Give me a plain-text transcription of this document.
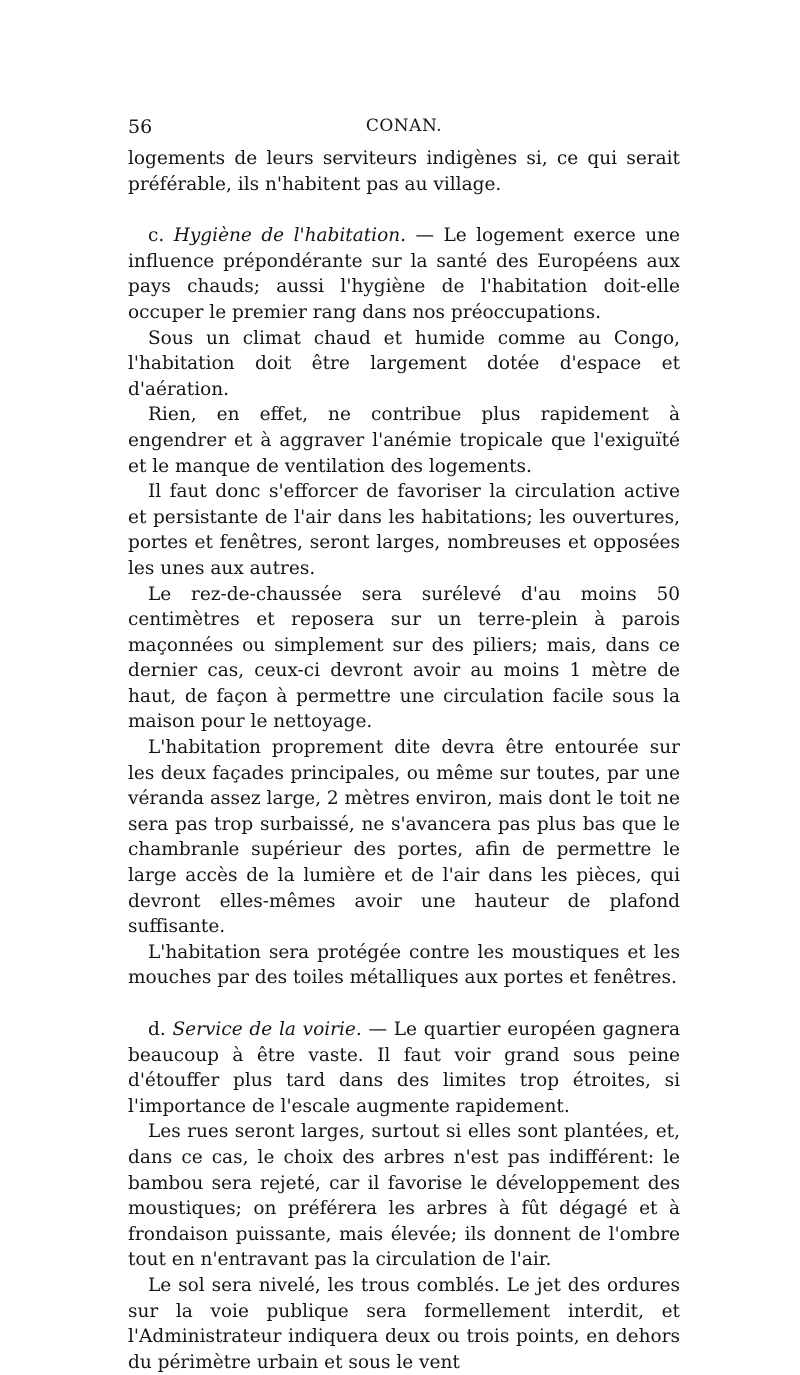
56	CONAN.

logements de leurs serviteurs indigènes si, ce qui serait préférable, ils n'habitent pas au village.

c. Hygiène de l'habitation. — Le logement exerce une influence prépondérante sur la santé des Européens aux pays chauds; aussi l'hygiène de l'habitation doit-elle occuper le premier rang dans nos préoccupations.

Sous un climat chaud et humide comme au Congo, l'habitation doit être largement dotée d'espace et d'aération.

Rien, en effet, ne contribue plus rapidement à engendrer et à aggraver l'anémie tropicale que l'exiguïté et le manque de ventilation des logements.

Il faut donc s'efforcer de favoriser la circulation active et persistante de l'air dans les habitations; les ouvertures, portes et fenêtres, seront larges, nombreuses et opposées les unes aux autres.

Le rez-de-chaussée sera surélevé d'au moins 50 centimètres et reposera sur un terre-plein à parois maçonnées ou simplement sur des piliers; mais, dans ce dernier cas, ceux-ci devront avoir au moins 1 mètre de haut, de façon à permettre une circulation facile sous la maison pour le nettoyage.

L'habitation proprement dite devra être entourée sur les deux façades principales, ou même sur toutes, par une véranda assez large, 2 mètres environ, mais dont le toit ne sera pas trop surbaissé, ne s'avancera pas plus bas que le chambranle supérieur des portes, afin de permettre le large accès de la lumière et de l'air dans les pièces, qui devront elles-mêmes avoir une hauteur de plafond suffisante.

L'habitation sera protégée contre les moustiques et les mouches par des toiles métalliques aux portes et fenêtres.

d. Service de la voirie. — Le quartier européen gagnera beaucoup à être vaste. Il faut voir grand sous peine d'étouffer plus tard dans des limites trop étroites, si l'importance de l'escale augmente rapidement.

Les rues seront larges, surtout si elles sont plantées, et, dans ce cas, le choix des arbres n'est pas indifférent: le bambou sera rejeté, car il favorise le développement des moustiques; on préférera les arbres à fût dégagé et à frondaison puissante, mais élevée; ils donnent de l'ombre tout en n'entravant pas la circulation de l'air.

Le sol sera nivelé, les trous comblés. Le jet des ordures sur la voie publique sera formellement interdit, et l'Administrateur indiquera deux ou trois points, en dehors du périmètre urbain et sous le vent
